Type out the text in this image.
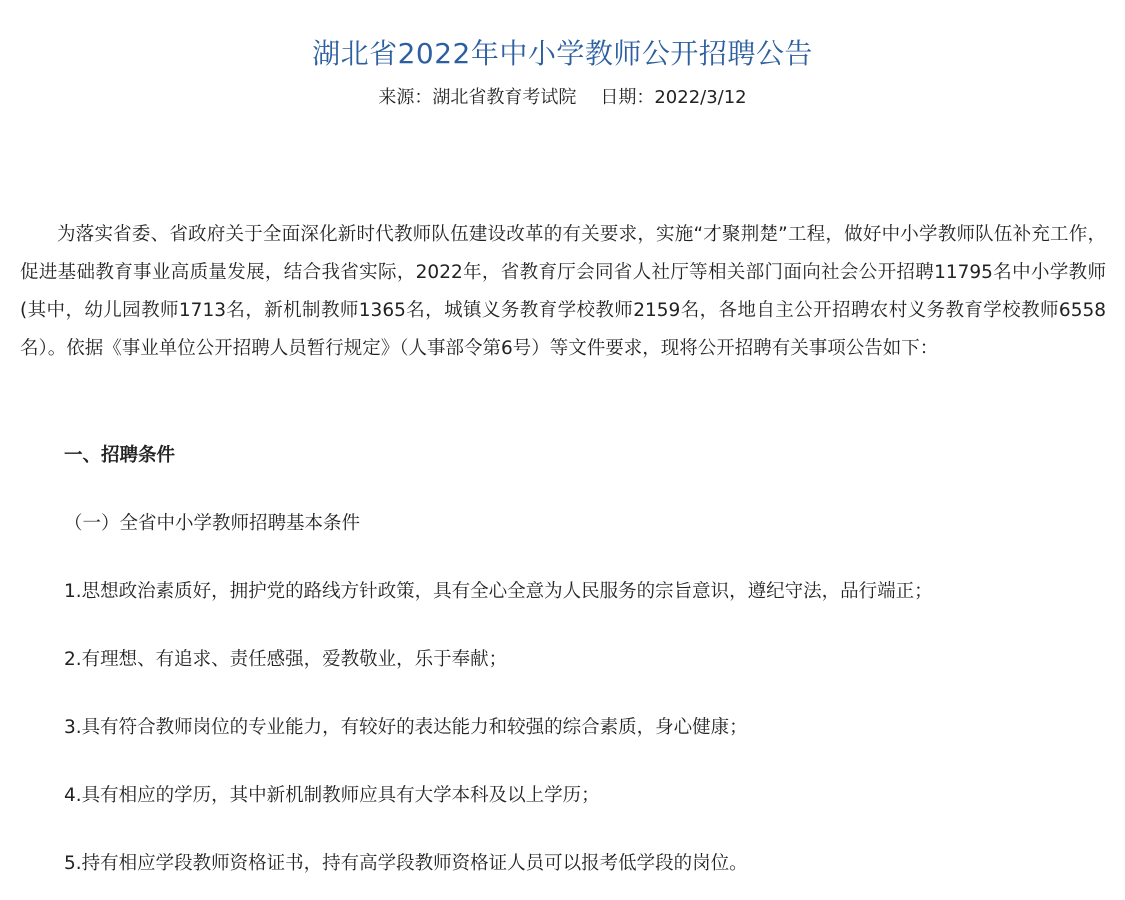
湖北省2022年中小学教师公开招聘公告
来源：湖北省教育考试院 日期：2022/3/12

为落实省委、省政府关于全面深化新时代教师队伍建设改革的有关要求，实施“才聚荆楚”工程，做好中小学教师队伍补充工作，促进基础教育事业高质量发展，结合我省实际，2022年，省教育厅会同省人社厅等相关部门面向社会公开招聘11795名中小学教师(其中，幼儿园教师1713名，新机制教师1365名，城镇义务教育学校教师2159名，各地自主公开招聘农村义务教育学校教师6558名）。依据《事业单位公开招聘人员暂行规定》（人事部令第6号）等文件要求，现将公开招聘有关事项公告如下：

一、招聘条件

（一）全省中小学教师招聘基本条件

1.思想政治素质好，拥护党的路线方针政策，具有全心全意为人民服务的宗旨意识，遵纪守法，品行端正；

2.有理想、有追求、责任感强，爱教敬业，乐于奉献；

3.具有符合教师岗位的专业能力，有较好的表达能力和较强的综合素质，身心健康；

4.具有相应的学历，其中新机制教师应具有大学本科及以上学历；

5.持有相应学段教师资格证书，持有高学段教师资格证人员可以报考低学段的岗位。
